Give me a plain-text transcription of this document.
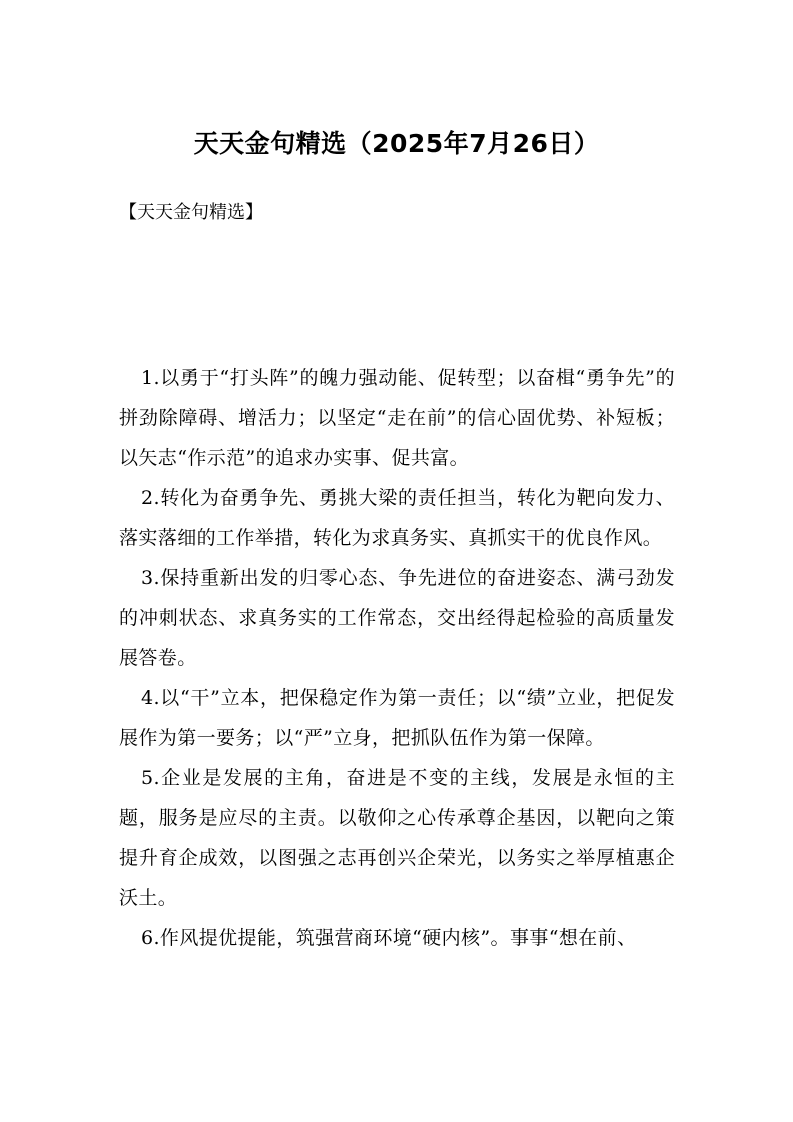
天天金句精选（2025年7月26日）
【天天金句精选】

1.以勇于“打头阵”的魄力强动能、促转型；以奋楫“勇争先”的拼劲除障碍、增活力；以坚定“走在前”的信心固优势、补短板；以矢志“作示范”的追求办实事、促共富。

2.转化为奋勇争先、勇挑大梁的责任担当，转化为靶向发力、落实落细的工作举措，转化为求真务实、真抓实干的优良作风。

3.保持重新出发的归零心态、争先进位的奋进姿态、满弓劲发的冲刺状态、求真务实的工作常态，交出经得起检验的高质量发展答卷。

4.以“干”立本，把保稳定作为第一责任；以“绩”立业，把促发展作为第一要务；以“严”立身，把抓队伍作为第一保障。

5.企业是发展的主角，奋进是不变的主线，发展是永恒的主题，服务是应尽的主责。以敬仰之心传承尊企基因，以靶向之策提升育企成效，以图强之志再创兴企荣光，以务实之举厚植惠企沃土。

6.作风提优提能，筑强营商环境“硬内核”。事事“想在前、
